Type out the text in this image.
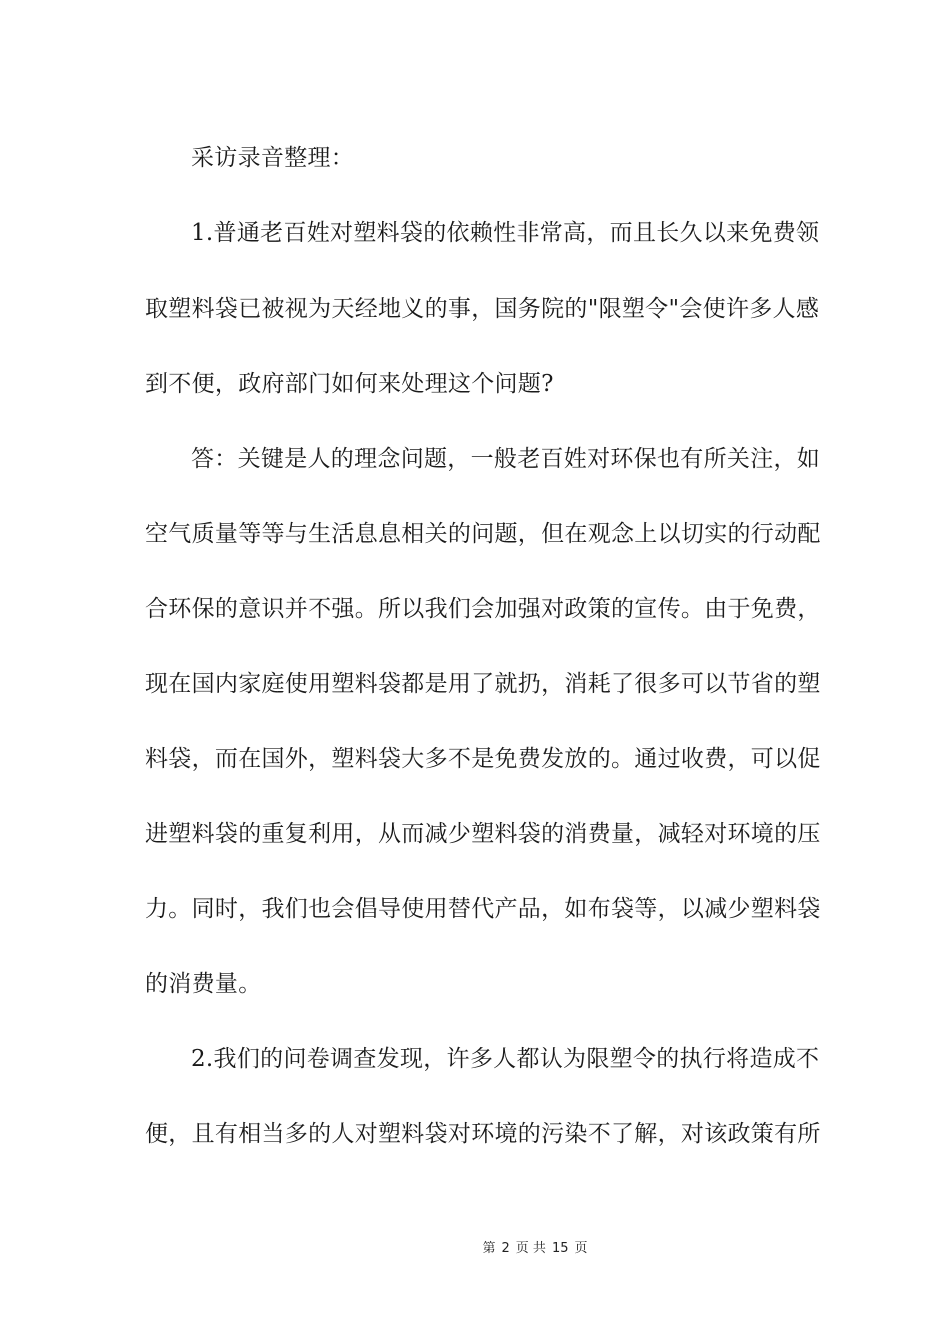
采访录音整理：
1.普通老百姓对塑料袋的依赖性非常高，而且长久以来免费领
取塑料袋已被视为天经地义的事，国务院的"限塑令"会使许多人感
到不便，政府部门如何来处理这个问题?
答：关键是人的理念问题，一般老百姓对环保也有所关注，如
空气质量等等与生活息息相关的问题，但在观念上以切实的行动配
合环保的意识并不强。所以我们会加强对政策的宣传。由于免费，
现在国内家庭使用塑料袋都是用了就扔，消耗了很多可以节省的塑
料袋，而在国外，塑料袋大多不是免费发放的。通过收费，可以促
进塑料袋的重复利用，从而减少塑料袋的消费量，减轻对环境的压
力。同时，我们也会倡导使用替代产品，如布袋等，以减少塑料袋
的消费量。
2.我们的问卷调查发现，许多人都认为限塑令的执行将造成不
便，且有相当多的人对塑料袋对环境的污染不了解，对该政策有所
第 2 页 共 15 页
